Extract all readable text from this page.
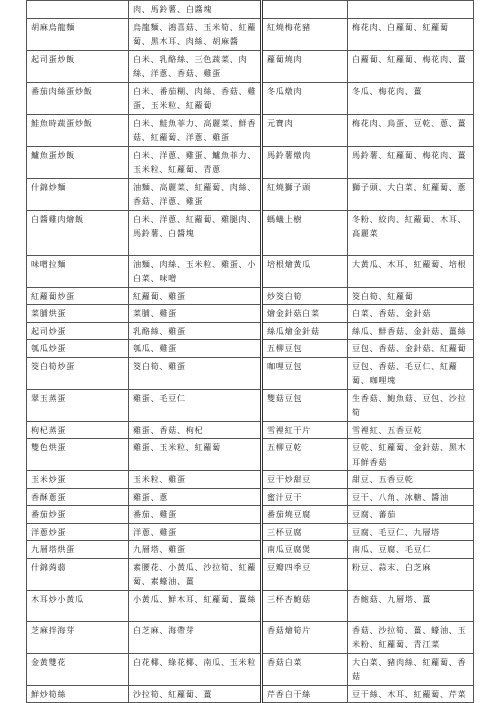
	肉、馬鈴薯、白醬塊		
胡麻烏龍麵	烏龍麵、鴻喜菇、玉米筍、紅蘿蔔、黑木耳、肉絲、胡麻醬	紅燒梅花豬	梅花肉、白蘿蔔、紅蘿蔔
起司蛋炒飯	白米、乳酪絲、三色蔬菜、肉絲、洋蔥、香菇、雞蛋	蘿蔔燒肉	白蘿蔔、紅蘿蔔、梅花肉、薑
番茄肉絲蛋炒飯	白米、番茄糊、肉絲、香菇、雞蛋、玉米粒、紅蘿蔔	冬瓜燉肉	冬瓜、梅花肉、薑
鮭魚時蔬蛋炒飯	白米、鮭魚菲力、高麗菜、鮮香菇、紅蘿蔔、洋蔥、雞蛋	元寶肉	梅花肉、鳥蛋、豆乾、蔥、薑
鱸魚蛋炒飯	白米、洋蔥、雞蛋、鱸魚菲力、玉米粒、紅蘿蔔、青蔥	馬鈴薯燉肉	馬鈴薯、紅蘿蔔、梅花肉、薑
什錦炒麵	油麵、高麗菜、紅蘿蔔、肉絲、香菇、洋蔥、雞蛋	紅燒獅子頭	獅子頭、大白菜、紅蘿蔔、蔥
白醬雞肉燴飯	白米、洋蔥、紅蘿蔔、雞腿肉、馬鈴薯、白醬塊	螞蟻上樹	冬粉、絞肉、紅蘿蔔、木耳、高麗菜
味噌拉麵	油麵、肉絲、玉米粒、雞蛋、小白菜、味噌	培根燴黃瓜	大黃瓜、木耳、紅蘿蔔、培根
紅蘿蔔炒蛋	紅蘿蔔、雞蛋	炒筊白筍	筊白筍、紅蘿蔔
菜脯烘蛋	菜脯、雞蛋	燴金針菇白菜	白菜、香菇、金針菇
起司炒蛋	乳酪絲、雞蛋	絲瓜燴金針菇	絲瓜、鮮香菇、金針菇、薑絲
瓠瓜炒蛋	瓠瓜、雞蛋	五柳豆包	豆包、香菇、金針菇、紅蘿蔔
筊白筍炒蛋	筊白筍、雞蛋	咖哩豆包	豆包、香菇、毛豆仁、紅蘿蔔、咖哩塊
翠玉蒸蛋	雞蛋、毛豆仁	雙菇豆包	生香菇、鮑魚菇、豆包、沙拉筍
枸杞蒸蛋	雞蛋、香菇、枸杞	雪裡紅干片	雪裡紅、五香豆乾
雙色烘蛋	雞蛋、玉米粒、紅蘿蔔	五柳豆乾	豆乾、紅蘿蔔、金針菇、黑木耳鮮香菇
玉米炒蛋	玉米粒、雞蛋	豆干炒甜豆	甜豆、五香豆乾
香酥蔥蛋	雞蛋、蔥	蜜汁豆干	豆干、八角、冰糖、醬油
番茄炒蛋	番茄、雞蛋	番茄燒豆腐	豆腐、蕃茄
洋蔥炒蛋	洋蔥、雞蛋	三杯豆腐	豆腐、毛豆仁、九層塔
九層塔烘蛋	九層塔、雞蛋	南瓜豆腐煲	南瓜、豆腐、毛豆仁
什錦蒟蒻	素腰花、小黃瓜、沙拉筍、紅蘿蔔、素蠔油、薑	豆瓣四季豆	粉豆、蒜末、白芝麻
木耳炒小黃瓜	小黃瓜、鮮木耳、紅蘿蔔、薑絲	三杯杏鮑菇	杏鮑菇、九層塔、薑
芝麻拌海芽	白芝麻、海帶芽	香菇燴筍片	香菇、沙拉筍、薑、蠔油、玉米粉、紅蘿蔔、青江菜
金黃雙花	白花椰、綠花椰、南瓜、玉米粒	香菇白菜	大白菜、豬肉絲、紅蘿蔔、香菇
鮮炒筍絲	沙拉筍、紅蘿蔔、薑	芹香白干絲	豆干絲、木耳、紅蘿蔔、芹菜
